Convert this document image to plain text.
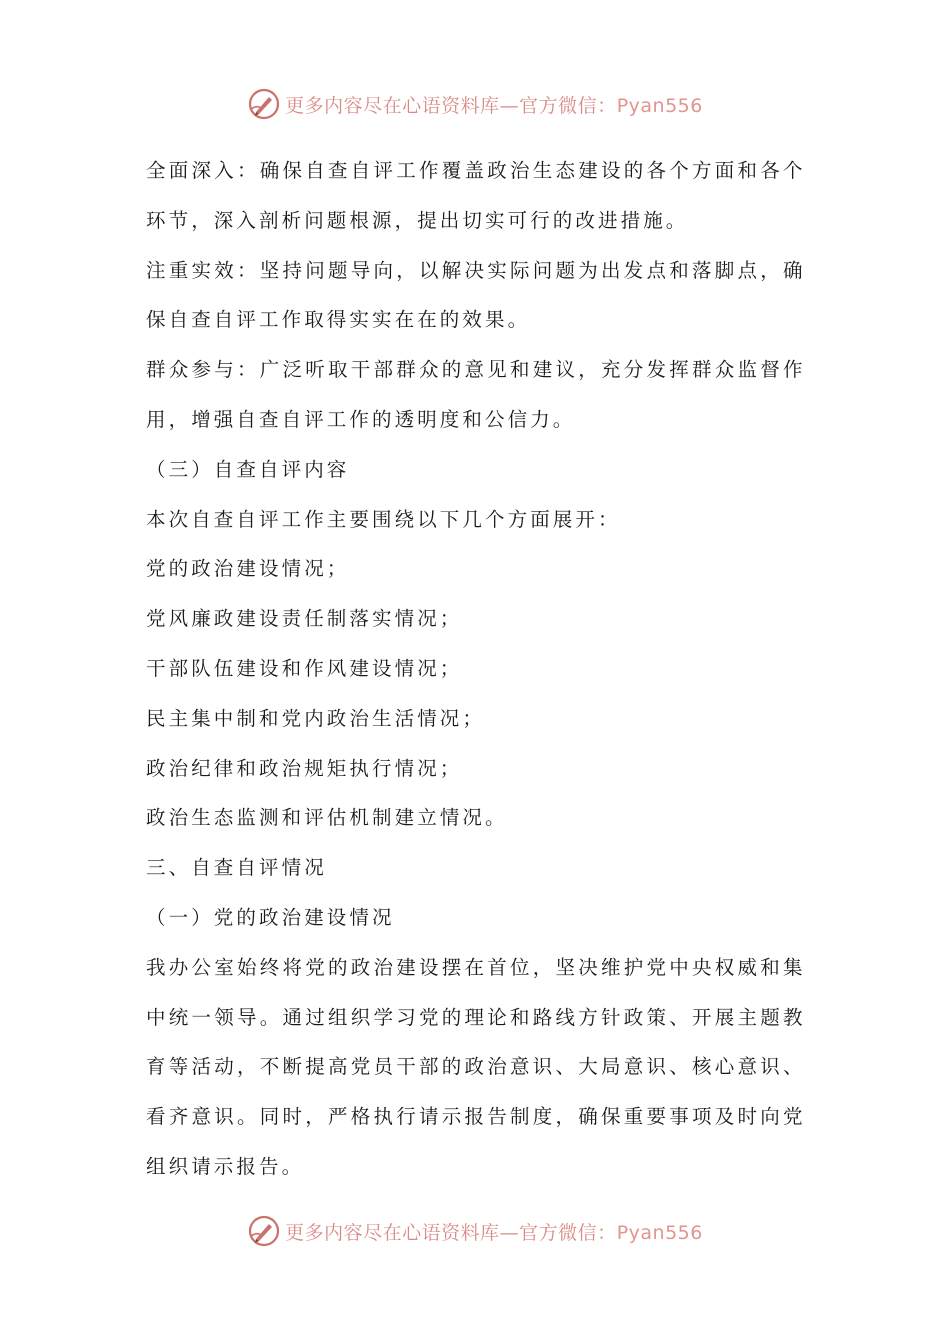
更多内容尽在心语资料库—官方微信：Pyan556
全面深入：确保自查自评工作覆盖政治生态建设的各个方面和各个
环节，深入剖析问题根源，提出切实可行的改进措施。
注重实效：坚持问题导向，以解决实际问题为出发点和落脚点，确
保自查自评工作取得实实在在的效果。
群众参与：广泛听取干部群众的意见和建议，充分发挥群众监督作
用，增强自查自评工作的透明度和公信力。
（三）自查自评内容
本次自查自评工作主要围绕以下几个方面展开：
党的政治建设情况；
党风廉政建设责任制落实情况；
干部队伍建设和作风建设情况；
民主集中制和党内政治生活情况；
政治纪律和政治规矩执行情况；
政治生态监测和评估机制建立情况。
三、自查自评情况
（一）党的政治建设情况
我办公室始终将党的政治建设摆在首位，坚决维护党中央权威和集
中统一领导。通过组织学习党的理论和路线方针政策、开展主题教
育等活动，不断提高党员干部的政治意识、大局意识、核心意识、
看齐意识。同时，严格执行请示报告制度，确保重要事项及时向党
组织请示报告。
更多内容尽在心语资料库—官方微信：Pyan556
